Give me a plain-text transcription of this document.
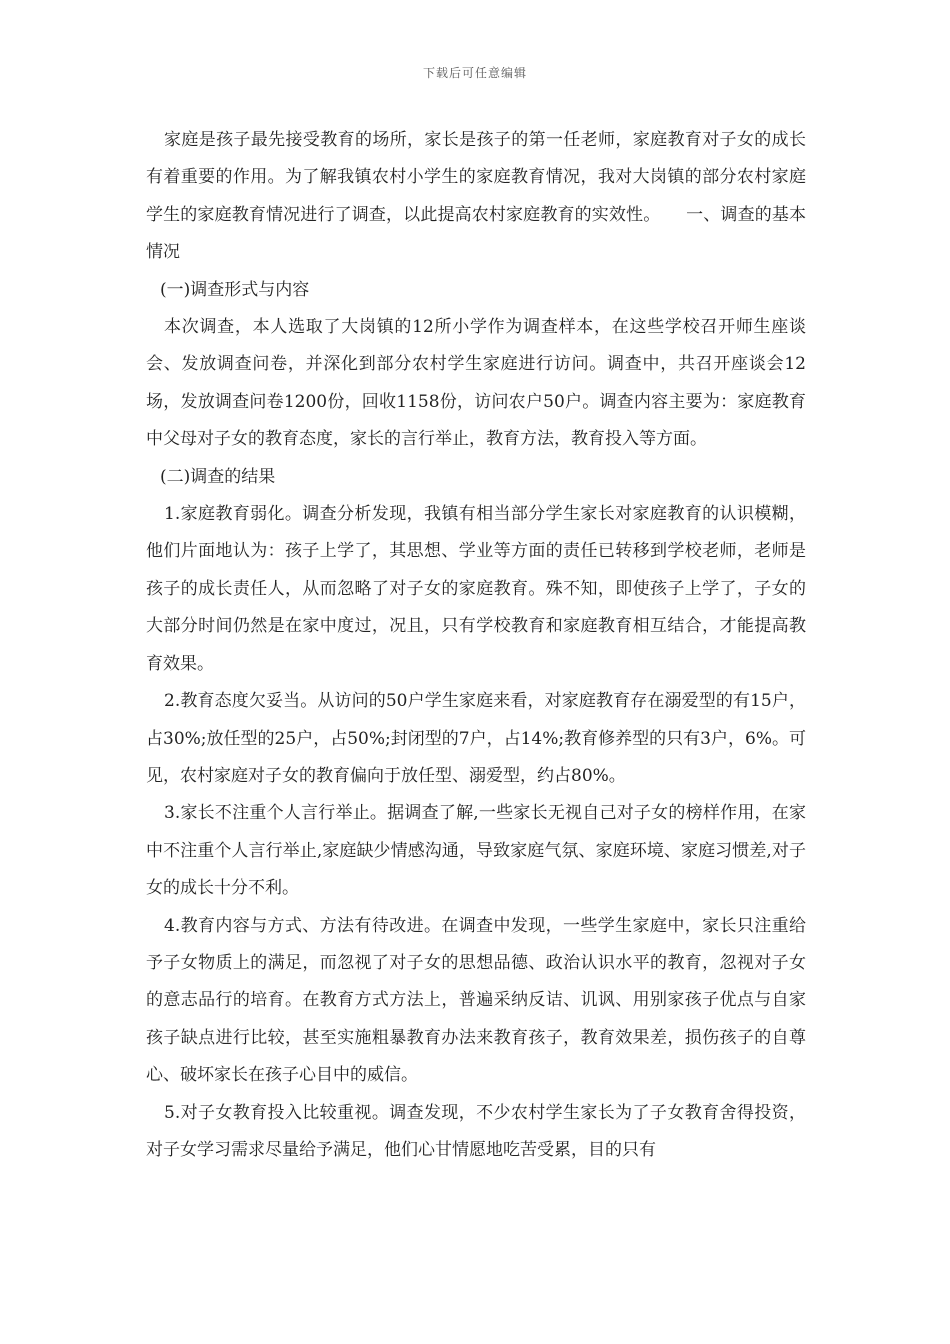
下载后可任意编辑

家庭是孩子最先接受教育的场所，家长是孩子的第一任老师，家庭教育对子女的成长有着重要的作用。为了解我镇农村小学生的家庭教育情况，我对大岗镇的部分农村家庭学生的家庭教育情况进行了调查，以此提高农村家庭教育的实效性。　　一、调查的基本情况

(一)调查形式与内容

本次调查，本人选取了大岗镇的12所小学作为调查样本，在这些学校召开师生座谈会、发放调查问卷，并深化到部分农村学生家庭进行访问。调查中，共召开座谈会12场，发放调查问卷1200份，回收1158份，访问农户50户。调查内容主要为：家庭教育中父母对子女的教育态度，家长的言行举止，教育方法，教育投入等方面。

(二)调查的结果

1.家庭教育弱化。调查分析发现，我镇有相当部分学生家长对家庭教育的认识模糊，他们片面地认为：孩子上学了，其思想、学业等方面的责任已转移到学校老师，老师是孩子的成长责任人，从而忽略了对子女的家庭教育。殊不知，即使孩子上学了，子女的大部分时间仍然是在家中度过，况且，只有学校教育和家庭教育相互结合，才能提高教育效果。

2.教育态度欠妥当。从访问的50户学生家庭来看，对家庭教育存在溺爱型的有15户，占30%;放任型的25户，占50%;封闭型的7户，占14%;教育修养型的只有3户，6%。可见，农村家庭对子女的教育偏向于放任型、溺爱型，约占80%。

3.家长不注重个人言行举止。据调查了解,一些家长无视自己对子女的榜样作用，在家中不注重个人言行举止,家庭缺少情感沟通，导致家庭气氛、家庭环境、家庭习惯差,对子女的成长十分不利。

4.教育内容与方式、方法有待改进。在调查中发现，一些学生家庭中，家长只注重给予子女物质上的满足，而忽视了对子女的思想品德、政治认识水平的教育，忽视对子女的意志品行的培育。在教育方式方法上，普遍采纳反诘、讥讽、用别家孩子优点与自家孩子缺点进行比较，甚至实施粗暴教育办法来教育孩子，教育效果差，损伤孩子的自尊心、破坏家长在孩子心目中的威信。

5.对子女教育投入比较重视。调查发现，不少农村学生家长为了子女教育舍得投资，对子女学习需求尽量给予满足，他们心甘情愿地吃苦受累，目的只有
